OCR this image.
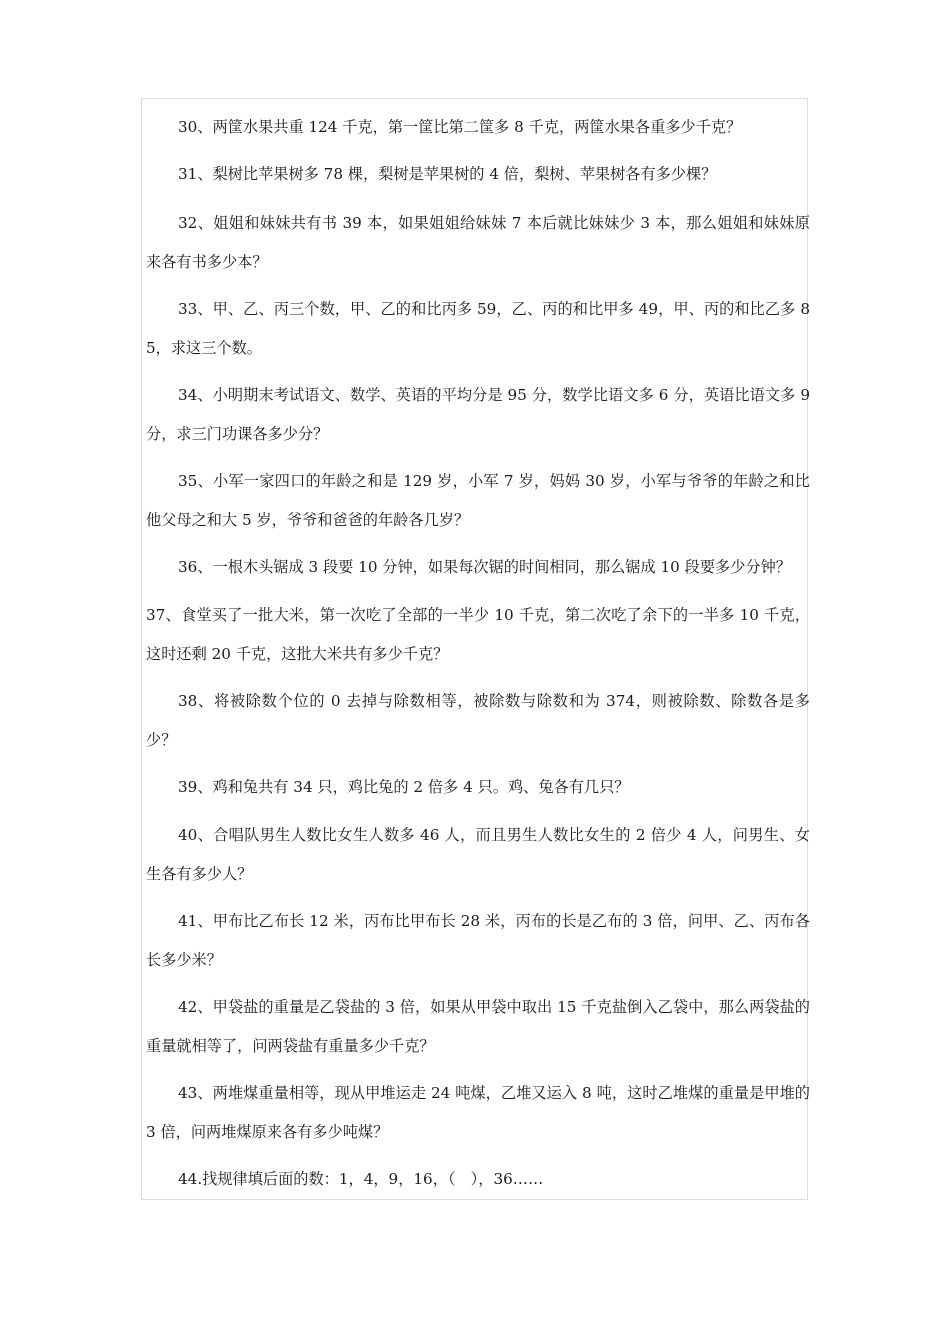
30、两筐水果共重 124 千克，第一筐比第二筐多 8 千克，两筐水果各重多少千克？

31、梨树比苹果树多 78 棵，梨树是苹果树的 4 倍，梨树、苹果树各有多少棵？

32、姐姐和妹妹共有书 39 本，如果姐姐给妹妹 7 本后就比妹妹少 3 本，那么姐姐和妹妹原来各有书多少本？

33、甲、乙、丙三个数，甲、乙的和比丙多 59，乙、丙的和比甲多 49，甲、丙的和比乙多 85，求这三个数。

34、小明期末考试语文、数学、英语的平均分是 95 分，数学比语文多 6 分，英语比语文多 9 分，求三门功课各多少分？

35、小军一家四口的年龄之和是 129 岁，小军 7 岁，妈妈 30 岁，小军与爷爷的年龄之和比他父母之和大 5 岁，爷爷和爸爸的年龄各几岁？

36、一根木头锯成 3 段要 10 分钟，如果每次锯的时间相同，那么锯成 10 段要多少分钟？

37、食堂买了一批大米，第一次吃了全部的一半少 10 千克，第二次吃了余下的一半多 10 千克，这时还剩 20 千克，这批大米共有多少千克？

38、将被除数个位的 0 去掉与除数相等，被除数与除数和为 374，则被除数、除数各是多少？

39、鸡和兔共有 34 只，鸡比兔的 2 倍多 4 只。鸡、兔各有几只？

40、合唱队男生人数比女生人数多 46 人，而且男生人数比女生的 2 倍少 4 人，问男生、女生各有多少人？

41、甲布比乙布长 12 米，丙布比甲布长 28 米，丙布的长是乙布的 3 倍，问甲、乙、丙布各长多少米？

42、甲袋盐的重量是乙袋盐的 3 倍，如果从甲袋中取出 15 千克盐倒入乙袋中，那么两袋盐的重量就相等了，问两袋盐有重量多少千克？

43、两堆煤重量相等，现从甲堆运走 24 吨煤，乙堆又运入 8 吨，这时乙堆煤的重量是甲堆的 3 倍，问两堆煤原来各有多少吨煤？

44.找规律填后面的数：1，4，9，16，（　），36……
